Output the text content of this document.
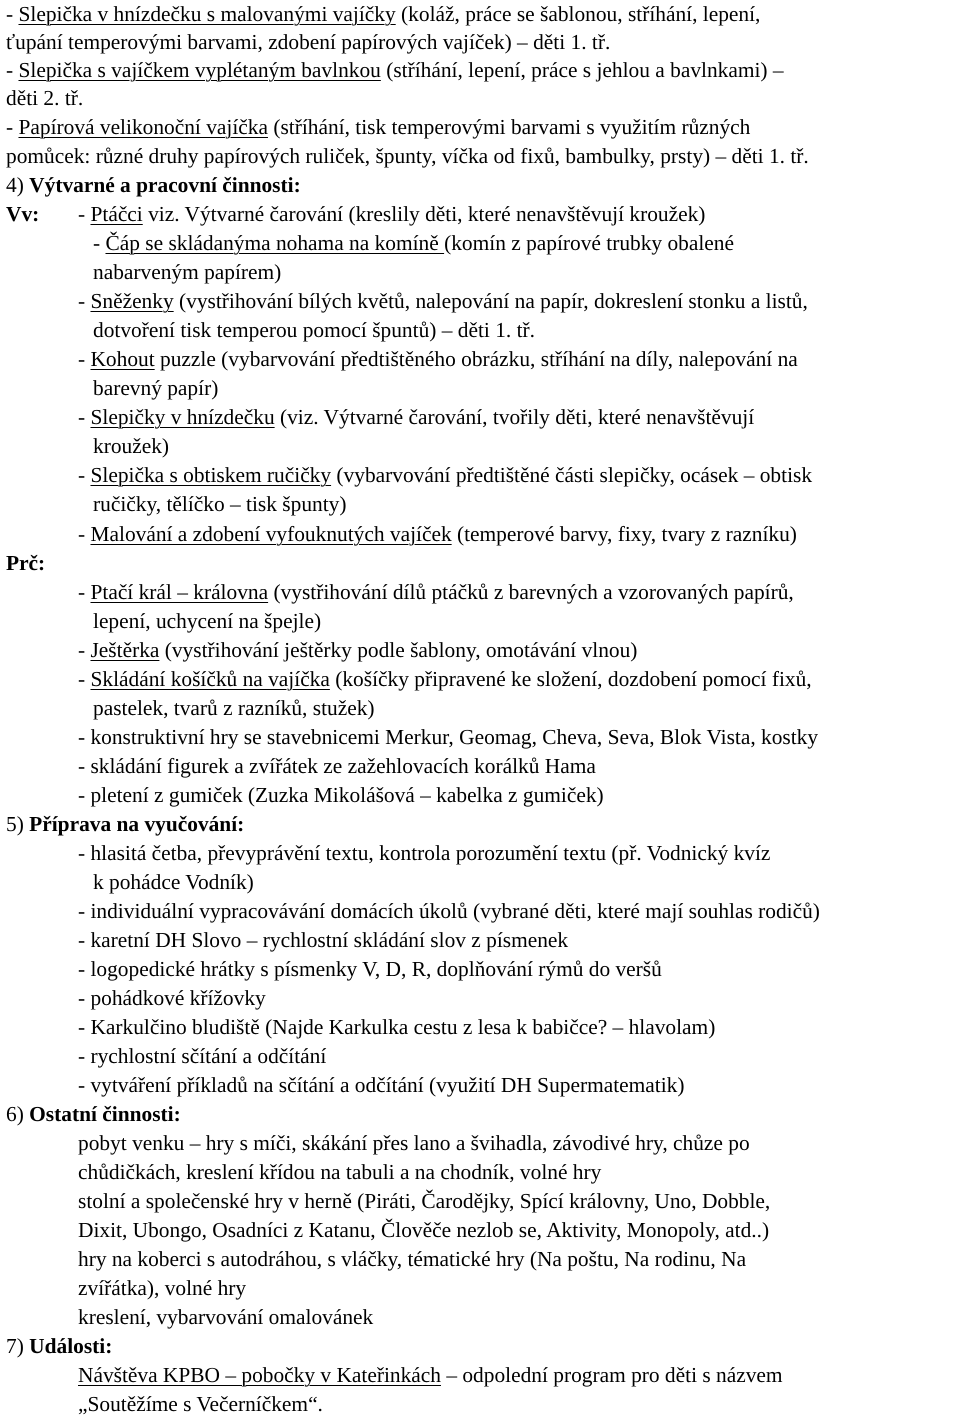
- Slepička v hnízdečku s malovanými vajíčky (koláž, práce se šablonou, stříhání, lepení,
ťupání temperovými barvami, zdobení papírových vajíček) – děti 1. tř.
- Slepička s vajíčkem vyplétaným bavlnkou (stříhání, lepení, práce s jehlou a bavlnkami) –
děti 2. tř.
- Papírová velikonoční vajíčka (stříhání, tisk temperovými barvami s využitím různých
pomůcek: různé druhy papírových ruliček, špunty, víčka od fixů, bambulky, prsty) – děti 1. tř.
4) Výtvarné a pracovní činnosti:
Vv: - Ptáčci viz. Výtvarné čarování (kreslily děti, které nenavštěvují kroužek)
- Čáp se skládanýma nohama na komíně (komín z papírové trubky obalené
nabarveným papírem)
- Sněženky (vystřihování bílých květů, nalepování na papír, dokreslení stonku a listů,
dotvoření tisk temperou pomocí špuntů) – děti 1. tř.
- Kohout puzzle (vybarvování předtištěného obrázku, stříhání na díly, nalepování na
barevný papír)
- Slepičky v hnízdečku (viz. Výtvarné čarování, tvořily děti, které nenavštěvují
kroužek)
- Slepička s obtiskem ručičky (vybarvování předtištěné části slepičky, ocásek – obtisk
ručičky, tělíčko – tisk špunty)
- Malování a zdobení vyfouknutých vajíček (temperové barvy, fixy, tvary z razníku)
Prč:
- Ptačí král – královna (vystřihování dílů ptáčků z barevných a vzorovaných papírů,
lepení, uchycení na špejle)
- Ještěrka (vystřihování ještěrky podle šablony, omotávání vlnou)
- Skládání košíčků na vajíčka (košíčky připravené ke složení, dozdobení pomocí fixů,
pastelek, tvarů z razníků, stužek)
- konstruktivní hry se stavebnicemi Merkur, Geomag, Cheva, Seva, Blok Vista, kostky
- skládání figurek a zvířátek ze zažehlovacích korálků Hama
- pletení z gumiček (Zuzka Mikolášová – kabelka z gumiček)
5) Příprava na vyučování:
- hlasitá četba, převyprávění textu, kontrola porozumění textu (př. Vodnický kvíz
k pohádce Vodník)
- individuální vypracovávání domácích úkolů (vybrané děti, které mají souhlas rodičů)
- karetní DH Slovo – rychlostní skládání slov z písmenek
- logopedické hrátky s písmenky V, D, R, doplňování rýmů do veršů
- pohádkové křížovky
- Karkulčino bludiště (Najde Karkulka cestu z lesa k babičce? – hlavolam)
- rychlostní sčítání a odčítání
- vytváření příkladů na sčítání a odčítání (využití DH Supermatematik)
6) Ostatní činnosti:
pobyt venku – hry s míči, skákání přes lano a švihadla, závodivé hry, chůze po
chůdičkách, kreslení křídou na tabuli a na chodník, volné hry
stolní a společenské hry v herně (Piráti, Čarodějky, Spící královny, Uno, Dobble,
Dixit, Ubongo, Osadníci z Katanu, Člověče nezlob se, Aktivity, Monopoly, atd..)
hry na koberci s autodráhou, s vláčky, tématické hry (Na poštu, Na rodinu, Na
zvířátka), volné hry
kreslení, vybarvování omalovánek
7) Události:
Návštěva KPBO – pobočky v Kateřinkách – odpolední program pro děti s názvem
„Soutěžíme s Večerníčkem“.
